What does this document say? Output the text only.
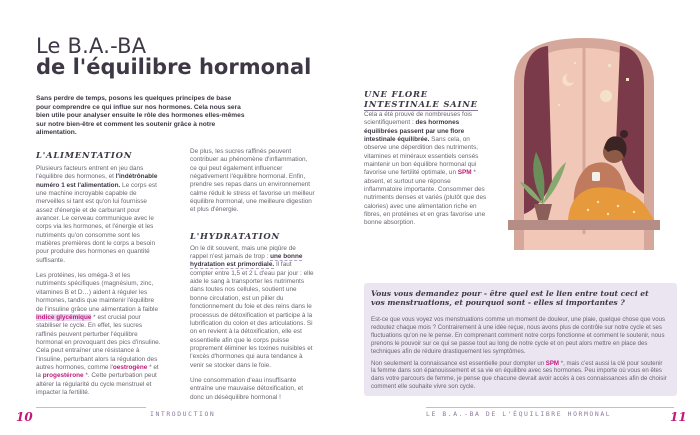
Le B.A.-BA
de l'équilibre hormonal
Sans perdre de temps, posons les quelques principes de base pour comprendre ce qui influe sur nos hormones. Cela nous sera bien utile pour analyser ensuite le rôle des hormones elles-mêmes sur notre bien-être et comment les soutenir grâce à notre alimentation.
L'ALIMENTATION

Plusieurs facteurs entrent en jeu dans l'équilibre des hormones, et l'indétrônable numéro 1 est l'alimentation. Le corps est une machine incroyable capable de merveilles si tant est qu'on lui fournisse assez d'énergie et de carburant pour avancer. Le cerveau communique avec le corps via les hormones, et l'énergie et les nutriments qu'on consomme sont les matières premières dont le corps a besoin pour produire des hormones en quantité suffisante.

Les protéines, les oméga-3 et les nutriments spécifiques (magnésium, zinc, vitamines B et D…) aident à réguler les hormones, tandis que maintenir l'équilibre de l'insuline grâce une alimentation à faible indice glycémique * est crucial pour stabiliser le cycle. En effet, les sucres raffinés peuvent perturber l'équilibre hormonal en provoquant des pics d'insuline. Cela peut entraîner une résistance à l'insuline, perturbant alors la régulation des autres hormones, comme l'oestrogène * et la progestérone *. Cette perturbation peut altérer la régularité du cycle menstruel et impacter la fertilité.

De plus, les sucres raffinés peuvent contribuer au phénomène d'inflammation, ce qui peut également influencer négativement l'équilibre hormonal. Enfin, prendre ses repas dans un environnement calme réduit le stress et favorise un meilleur équilibre hormonal, une meilleure digestion et plus d'énergie.

L'HYDRATATION

On le dit souvent, mais une piqûre de rappel n'est jamais de trop : une bonne hydratation est primordiale. Il faut compter entre 1,5 et 2 L d'eau par jour : elle aide le sang à transporter les nutriments dans toutes nos cellules, soutient une bonne circulation, est un pilier du fonctionnement du foie et des reins dans le processus de détoxification et participe à la lubrification du colon et des articulations. Si on en revient à la détoxification, elle est essentielle afin que le corps puisse proprement éliminer les toxines nuisibles et l'excès d'hormones qui aura tendance à venir se stocker dans le foie.

Une consommation d'eau insuffisante entraîne une mauvaise détoxification, et donc un déséquilibre hormonal !

UNE FLORE
INTESTINALE SAINE

Cela a été prouvé de nombreuses fois scientifiquement : des hormones équilibrées passent par une flore intestinale équilibrée. Sans cela, on observe une déperdition des nutriments, vitamines et minéraux essentiels censés maintenir un bon équilibre hormonal qui favorise une fertilité optimale, un SPM * absent, et surtout une réponse inflammatoire importante. Consommer des nutriments denses et variés (plutôt que des calories) avec une alimentation riche en fibres, en protéines et en gras favorise une bonne absorption.

Vous vous demandez pour - être quel est le lien entre tout ceci et vos menstruations, et pourquoi sont - elles si importantes ?

Est-ce que vous voyez vos menstruations comme un moment de douleur, une plaie, quelque chose que vous redoutez chaque mois ? Contrairement à une idée reçue, nous avons plus de contrôle sur notre cycle et ses fluctuations qu'on ne le pense. En comprenant comment notre corps fonctionne et comment le soutenir, nous prenons le pouvoir sur ce qui se passe tout au long de notre cycle et on peut alors mettre en place des techniques afin de réduire drastiquement les symptômes.

Non seulement la connaissance est essentielle pour dompter un SPM *, mais c'est aussi la clé pour soutenir la femme dans son épanouissement et sa vie en équilibre avec ses hormones. Peu importe où vous en êtes dans votre parcours de femme, je pense que chacune devrait avoir accès à ces connaissances afin de choisir comment elle souhaite vivre son cycle.

10	INTRODUCTION	LE B.A.-BA DE L'ÉQUILIBRE HORMONAL	11
